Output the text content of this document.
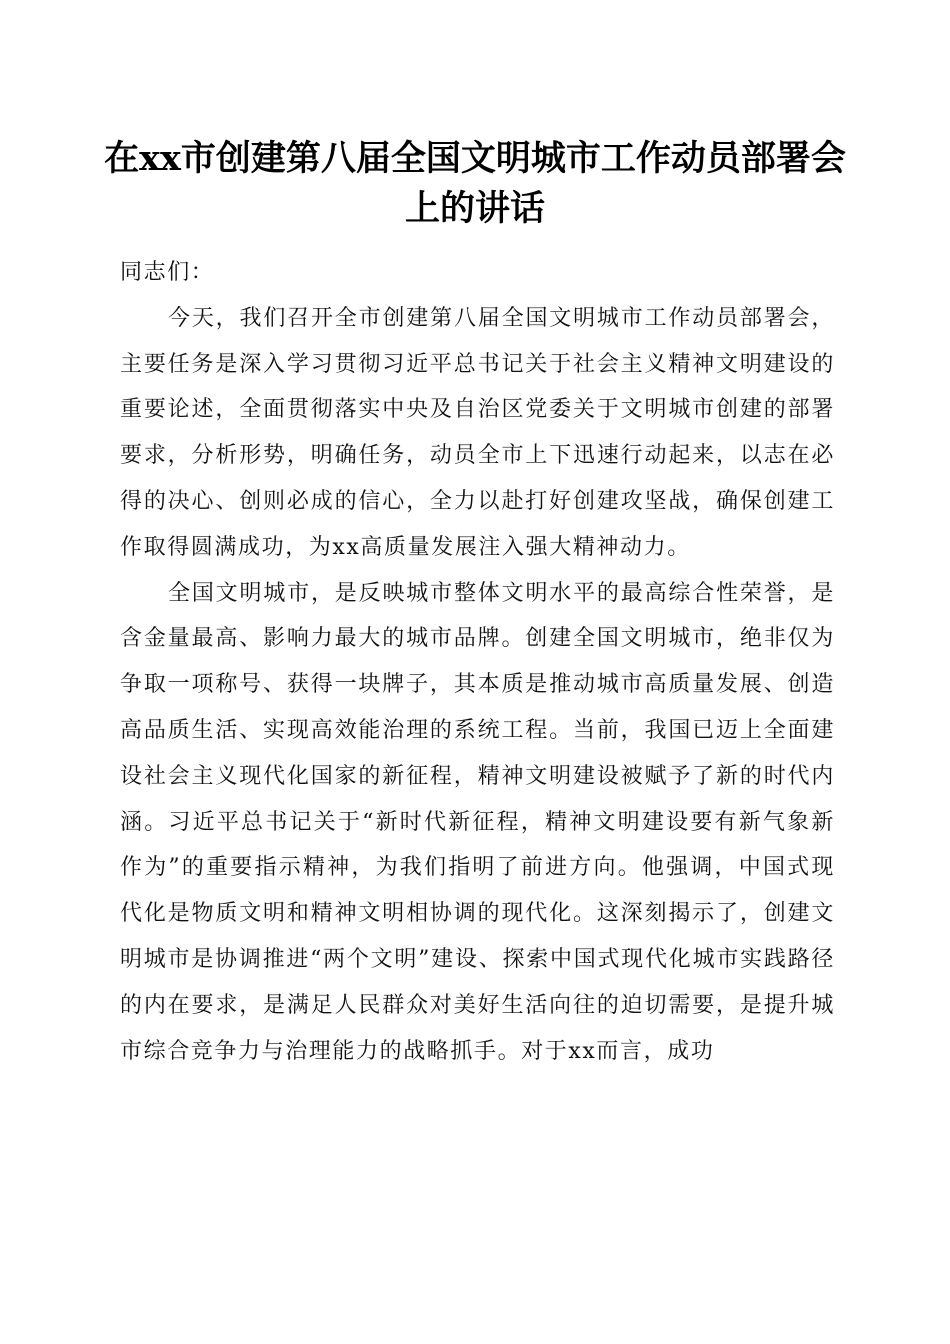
在xx市创建第八届全国文明城市工作动员部署会上的讲话

同志们：

今天，我们召开全市创建第八届全国文明城市工作动员部署会，主要任务是深入学习贯彻习近平总书记关于社会主义精神文明建设的重要论述，全面贯彻落实中央及自治区党委关于文明城市创建的部署要求，分析形势，明确任务，动员全市上下迅速行动起来，以志在必得的决心、创则必成的信心，全力以赴打好创建攻坚战，确保创建工作取得圆满成功，为xx高质量发展注入强大精神动力。

全国文明城市，是反映城市整体文明水平的最高综合性荣誉，是含金量最高、影响力最大的城市品牌。创建全国文明城市，绝非仅为争取一项称号、获得一块牌子，其本质是推动城市高质量发展、创造高品质生活、实现高效能治理的系统工程。当前，我国已迈上全面建设社会主义现代化国家的新征程，精神文明建设被赋予了新的时代内涵。习近平总书记关于“新时代新征程，精神文明建设要有新气象新作为”的重要指示精神，为我们指明了前进方向。他强调，中国式现代化是物质文明和精神文明相协调的现代化。这深刻揭示了，创建文明城市是协调推进“两个文明”建设、探索中国式现代化城市实践路径的内在要求，是满足人民群众对美好生活向往的迫切需要，是提升城市综合竞争力与治理能力的战略抓手。对于xx而言，成功
